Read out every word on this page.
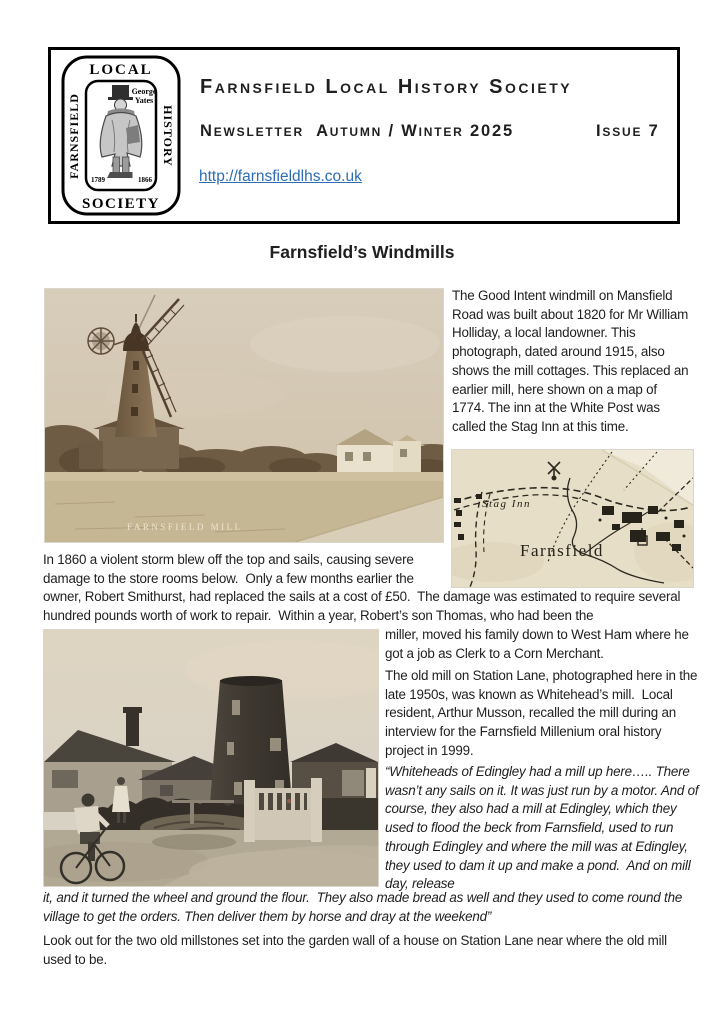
LOCAL
SOCIETY
FARNSFIELD	HISTORY
George
Yates
1789	1866
Farnsfield Local History Society
Newsletter  Autumn / Winter 2025	Issue 7
http://farnsfieldlhs.co.uk
Farnsfield’s Windmills
FARNSFIELD MILL
The Good Intent windmill on Mansfield Road was built about 1820 for Mr William Holliday, a local landowner. This photograph, dated around 1915, also shows the mill cottages. This replaced an earlier mill, here shown on a map of 1774. The inn at the White Post was called the Stag Inn at this time.
Stag Inn
Farnsfield
In 1860 a violent storm blew off the top and sails, causing severe damage to the store rooms below.  Only a few months earlier the
owner, Robert Smithurst, had replaced the sails at a cost of £50.  The damage was estimated to require several hundred pounds worth of work to repair.  Within a year, Robert’s son Thomas, who had been the
miller, moved his family down to West Ham where he got a job as Clerk to a Corn Merchant.
The old mill on Station Lane, photographed here in the late 1950s, was known as Whitehead’s mill.  Local resident, Arthur Musson, recalled the mill during an interview for the Farnsfield Millenium oral history project in 1999.
“Whiteheads of Edingley had a mill up here….. There wasn’t any sails on it. It was just run by a motor. And of course, they also had a mill at Edingley, which they used to flood the beck from Farnsfield, used to run through Edingley and where the mill was at Edingley, they used to dam it up and make a pond.  And on mill day, release
it, and it turned the wheel and ground the flour.  They also made bread as well and they used to come round the village to get the orders. Then deliver them by horse and dray at the weekend”
Look out for the two old millstones set into the garden wall of a house on Station Lane near where the old mill used to be.
